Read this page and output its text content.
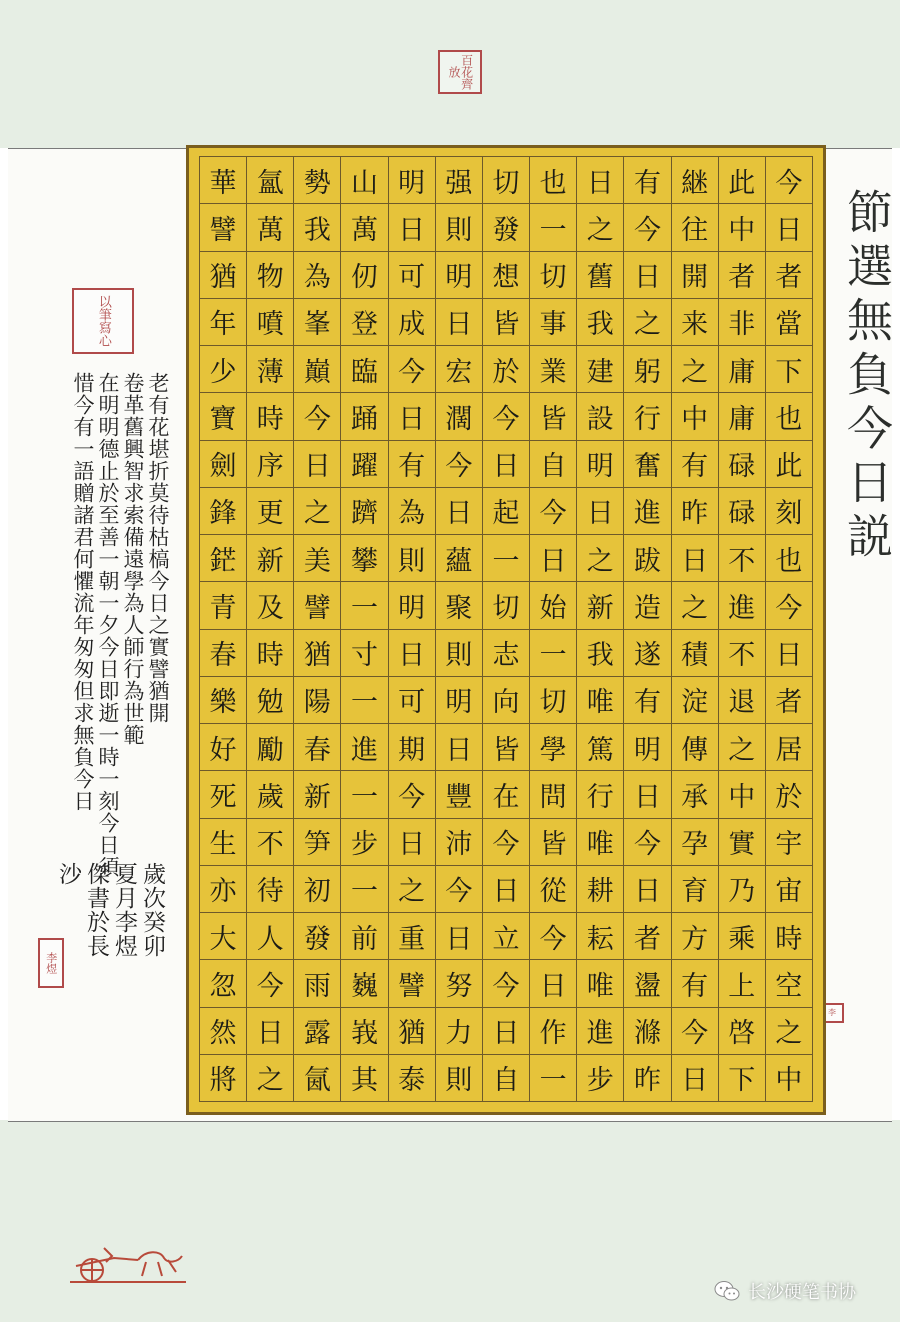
百花齊放
以筆寫心
李
節選無負今日説
今
日
者
當
下
也
此
刻
也
今
日
者
居
於
宇
宙
時
空
之
中
此
中
者
非
庸
庸
碌
碌
不
進
不
退
之
中
實
乃
乘
上
啓
下
継
往
開
来
之
中
有
昨
日
之
積
淀
傳
承
孕
育
方
有
今
日
有
今
日
之
躬
行
奮
進
跋
造
遂
有
明
日
今
日
者
盪
滌
昨
日
之
舊
我
建
設
明
日
之
新
我
唯
篤
行
唯
耕
耘
唯
進
步
也
一
切
事
業
皆
自
今
日
始
一
切
學
問
皆
從
今
日
作
一
切
發
想
皆
於
今
日
起
一
切
志
向
皆
在
今
日
立
今
日
自
强
則
明
日
宏
濶
今
日
蘊
聚
則
明
日
豐
沛
今
日
努
力
則
明
日
可
成
今
日
有
為
則
明
日
可
期
今
日
之
重
譬
猶
泰
山
萬
仞
登
臨
踊
躍
躋
攀
一
寸
一
進
一
步
一
前
巍
峩
其
勢
我
為
峯
巔
今
日
之
美
譬
猶
陽
春
新
笋
初
發
雨
露
氤
氳
萬
物
噴
薄
時
序
更
新
及
時
勉
勵
歲
不
待
人
今
日
之
華
譬
猶
年
少
寶
劍
鋒
鋩
青
春
樂
好
死
生
亦
大
忽
然
將
老有花堪折莫待枯槁今日之實譬猶開
卷革舊興智求索備遠學為人師行為世範
在明明德止於至善一朝一夕今日即逝一時一刻今日須
惜今有一語贈諸君何懼流年匆匆但求無負今日
歲次癸卯
夏月李煜
傑書於長
沙
李煜
长沙硬笔书协
